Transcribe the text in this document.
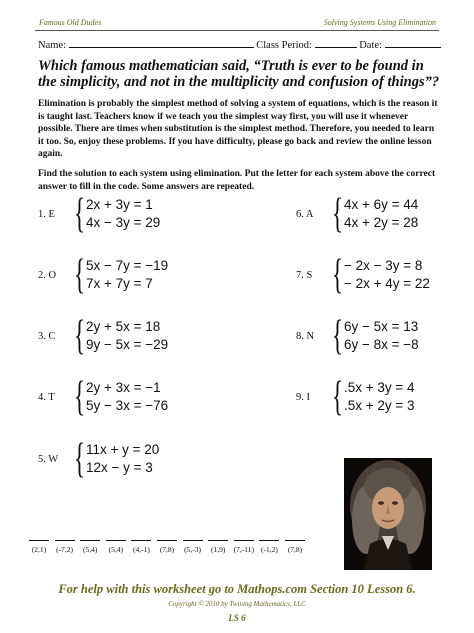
Famous Old Dudes	Solving Systems Using Elimination
Name:	Class Period:	Date:
Which famous mathematician said, “Truth is ever to be found in the simplicity, and not in the multiplicity and confusion of things”?
Elimination is probably the simplest method of solving a system of equations, which is the reason it is taught last. Teachers know if we teach you the simplest way first, you will use it whenever possible. There are times when substitution is the simplest method. Therefore, you needed to learn it too. So, enjoy these problems. If you have difficulty, please go back and review the online lesson again.
Find the solution to each system using elimination. Put the letter for each system above the correct answer to fill in the code. Some answers are repeated.
1. E { 2x + 3y = 1
4x − 3y = 29
2. O { 5x − 7y = −19
7x + 7y = 7
3. C { 2y + 5x = 18
9y − 5x = −29
4. T { 2y + 3x = −1
5y − 3x = −76
5. W { 11x + y = 20
12x − y = 3
6. A { 4x + 6y = 44
4x + 2y = 28
7. S { − 2x − 3y = 8
− 2x + 4y = 22
8. N { 6y − 5x = 13
6y − 8x = −8
9. I { .5x + 3y = 4
.5x + 2y = 3
(2,1)	(-7,2)	(5,4)	(5,4)	(4,-1)	(7,8)	(5,-3)	(1,9)	(7,-11) (-1,2)	(7,8)
For help with this worksheet go to Mathops.com Section 10 Lesson 6.
Copyright © 2010 by Twining Mathematics, LLC
LS 6
